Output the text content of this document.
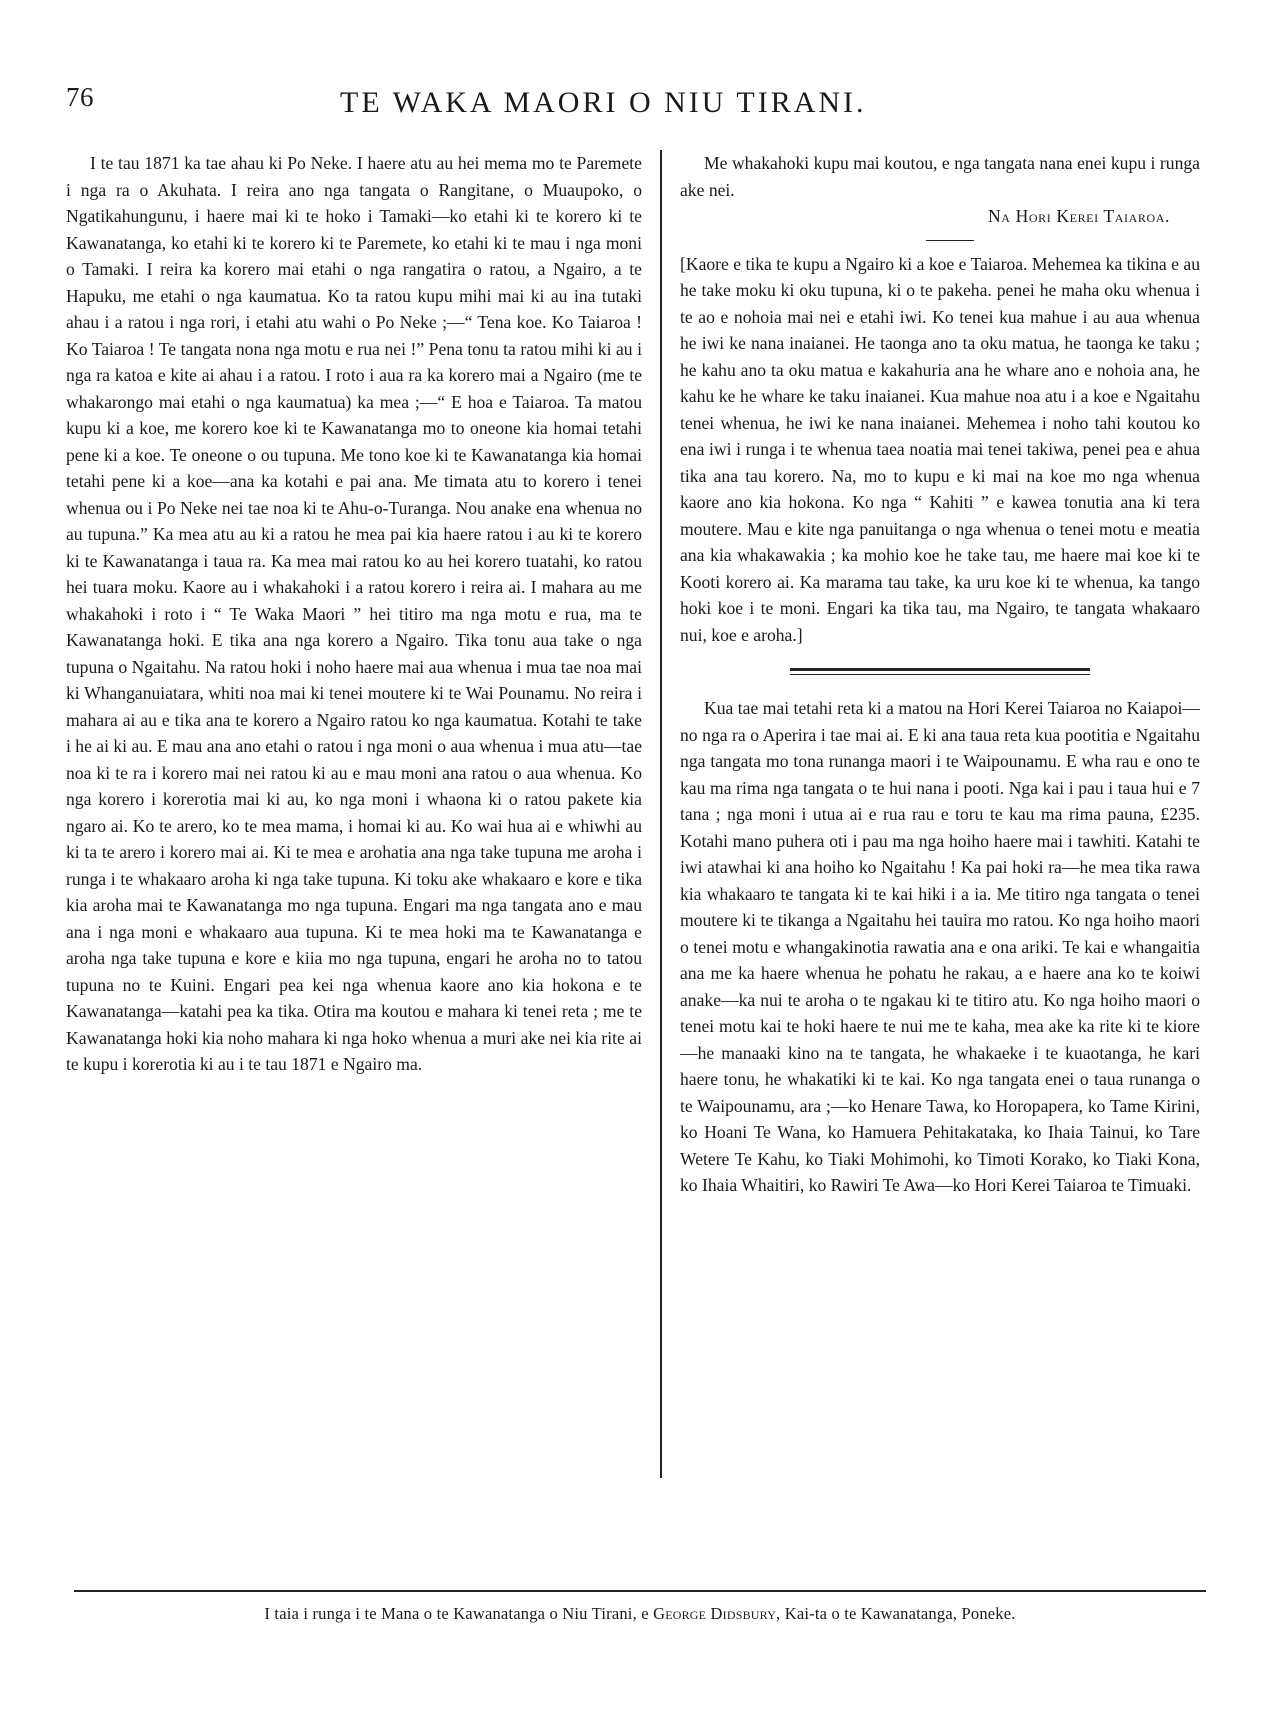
76	TE WAKA MAORI O NIU TIRANI.

I te tau 1871 ka tae ahau ki Po Neke. I haere atu au hei mema mo te Paremete i nga ra o Akuhata. I reira ano nga tangata o Rangitane, o Muaupoko, o Ngatikahungunu, i haere mai ki te hoko i Tamaki—ko etahi ki te korero ki te Kawanatanga, ko etahi ki te korero ki te Paremete, ko etahi ki te mau i nga moni o Tamaki. I reira ka korero mai etahi o nga rangatira o ratou, a Ngairo, a te Hapuku, me etahi o nga kaumatua. Ko ta ratou kupu mihi mai ki au ina tutaki ahau i a ratou i nga rori, i etahi atu wahi o Po Neke ;—“ Tena koe. Ko Taiaroa ! Ko Taiaroa ! Te tangata nona nga motu e rua nei !” Pena tonu ta ratou mihi ki au i nga ra katoa e kite ai ahau i a ratou. I roto i aua ra ka korero mai a Ngairo (me te whakarongo mai etahi o nga kaumatua) ka mea ;—“ E hoa e Taiaroa. Ta matou kupu ki a koe, me korero koe ki te Kawanatanga mo to oneone kia homai tetahi pene ki a koe. Te oneone o ou tupuna. Me tono koe ki te Kawanatanga kia homai tetahi pene ki a koe—ana ka kotahi e pai ana. Me timata atu to korero i tenei whenua ou i Po Neke nei tae noa ki te Ahu-o-Turanga. Nou anake ena whenua no au tupuna.” Ka mea atu au ki a ratou he mea pai kia haere ratou i au ki te korero ki te Kawanatanga i taua ra. Ka mea mai ratou ko au hei korero tuatahi, ko ratou hei tuara moku. Kaore au i whakahoki i a ratou korero i reira ai. I mahara au me whakahoki i roto i “ Te Waka Maori ” hei titiro ma nga motu e rua, ma te Kawanatanga hoki. E tika ana nga korero a Ngairo. Tika tonu aua take o nga tupuna o Ngaitahu. Na ratou hoki i noho haere mai aua whenua i mua tae noa mai ki Whanganuiatara, whiti noa mai ki tenei moutere ki te Wai Pounamu. No reira i mahara ai au e tika ana te korero a Ngairo ratou ko nga kaumatua. Kotahi te take i he ai ki au. E mau ana ano etahi o ratou i nga moni o aua whenua i mua atu—tae noa ki te ra i korero mai nei ratou ki au e mau moni ana ratou o aua whenua. Ko nga korero i korerotia mai ki au, ko nga moni i whaona ki o ratou pakete kia ngaro ai. Ko te arero, ko te mea mama, i homai ki au. Ko wai hua ai e whiwhi au ki ta te arero i korero mai ai. Ki te mea e arohatia ana nga take tupuna me aroha i runga i te whakaaro aroha ki nga take tupuna. Ki toku ake whakaaro e kore e tika kia aroha mai te Kawanatanga mo nga tupuna. Engari ma nga tangata ano e mau ana i nga moni e whakaaro aua tupuna. Ki te mea hoki ma te Kawanatanga e aroha nga take tupuna e kore e kiia mo nga tupuna, engari he aroha no to tatou tupuna no te Kuini. Engari pea kei nga whenua kaore ano kia hokona e te Kawanatanga—katahi pea ka tika. Otira ma koutou e mahara ki tenei reta ; me te Kawanatanga hoki kia noho mahara ki nga hoko whenua a muri ake nei kia rite ai te kupu i korerotia ki au i te tau 1871 e Ngairo ma.

Me whakahoki kupu mai koutou, e nga tangata nana enei kupu i runga ake nei.

Na Hori Kerei Taiaroa.

[Kaore e tika te kupu a Ngairo ki a koe e Taiaroa. Mehemea ka tikina e au he take moku ki oku tupuna, ki o te pakeha. penei he maha oku whenua i te ao e nohoia mai nei e etahi iwi. Ko tenei kua mahue i au aua whenua he iwi ke nana inaianei. He taonga ano ta oku matua, he taonga ke taku ; he kahu ano ta oku matua e kakahuria ana he whare ano e nohoia ana, he kahu ke he whare ke taku inaianei. Kua mahue noa atu i a koe e Ngaitahu tenei whenua, he iwi ke nana inaianei. Mehemea i noho tahi koutou ko ena iwi i runga i te whenua taea noatia mai tenei takiwa, penei pea e ahua tika ana tau korero. Na, mo to kupu e ki mai na koe mo nga whenua kaore ano kia hokona. Ko nga “ Kahiti ” e kawea tonutia ana ki tera moutere. Mau e kite nga panuitanga o nga whenua o tenei motu e meatia ana kia whakawakia ; ka mohio koe he take tau, me haere mai koe ki te Kooti korero ai. Ka marama tau take, ka uru koe ki te whenua, ka tango hoki koe i te moni. Engari ka tika tau, ma Ngairo, te tangata whakaaro nui, koe e aroha.]

Kua tae mai tetahi reta ki a matou na Hori Kerei Taiaroa no Kaiapoi—no nga ra o Aperira i tae mai ai. E ki ana taua reta kua pootitia e Ngaitahu nga tangata mo tona runanga maori i te Waipounamu. E wha rau e ono te kau ma rima nga tangata o te hui nana i pooti. Nga kai i pau i taua hui e 7 tana ; nga moni i utua ai e rua rau e toru te kau ma rima pauna, £235. Kotahi mano puhera oti i pau ma nga hoiho haere mai i tawhiti. Katahi te iwi atawhai ki ana hoiho ko Ngaitahu ! Ka pai hoki ra—he mea tika rawa kia whakaaro te tangata ki te kai hiki i a ia. Me titiro nga tangata o tenei moutere ki te tikanga a Ngaitahu hei tauira mo ratou. Ko nga hoiho maori o tenei motu e whangakinotia rawatia ana e ona ariki. Te kai e whangaitia ana me ka haere whenua he pohatu he rakau, a e haere ana ko te koiwi anake—ka nui te aroha o te ngakau ki te titiro atu. Ko nga hoiho maori o tenei motu kai te hoki haere te nui me te kaha, mea ake ka rite ki te kiore—he manaaki kino na te tangata, he whakaeke i te kuaotanga, he kari haere tonu, he whakatiki ki te kai. Ko nga tangata enei o taua runanga o te Waipounamu, ara ;—ko Henare Tawa, ko Horopapera, ko Tame Kirini, ko Hoani Te Wana, ko Hamuera Pehitakataka, ko Ihaia Tainui, ko Tare Wetere Te Kahu, ko Tiaki Mohimohi, ko Timoti Korako, ko Tiaki Kona, ko Ihaia Whaitiri, ko Rawiri Te Awa—ko Hori Kerei Taiaroa te Timuaki.

I taia i runga i te Mana o te Kawanatanga o Niu Tirani, e George Didsbury, Kai-ta o te Kawanatanga, Poneke.
